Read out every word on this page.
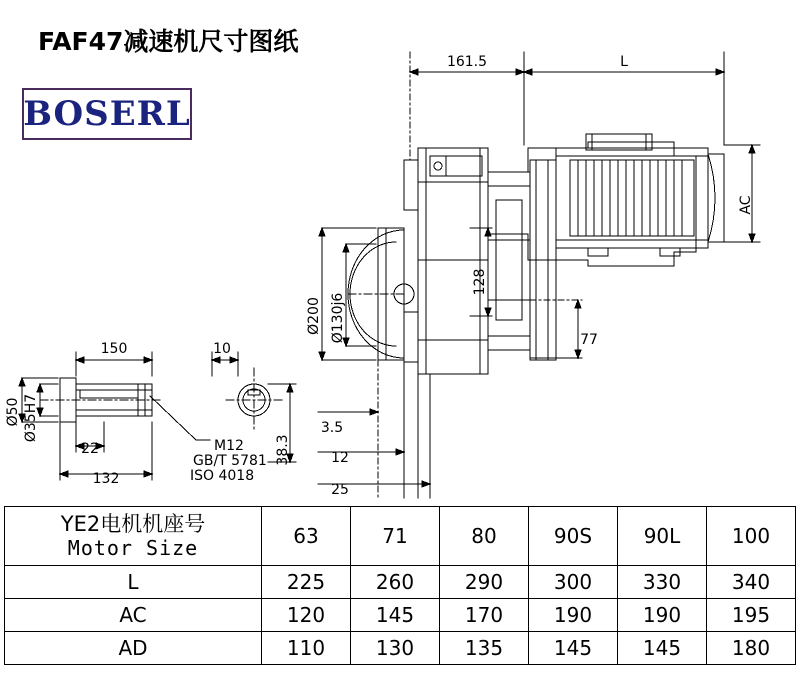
FAF47减速机尺寸图纸
BOSERL
161.5	L
3.5
12
25
77
150	10
22
132
M12
GB/T 5781
ISO 4018
Ø200 Ø130j6
128
AC
Ø50 Ø35H7
38.3
YE2电机机座号
Motor Size	63	71	80	90S	90L	100
L	225	260	290	300	330	340
AC	120	145	170	190	190	195
AD	110	130	135	145	145	180
